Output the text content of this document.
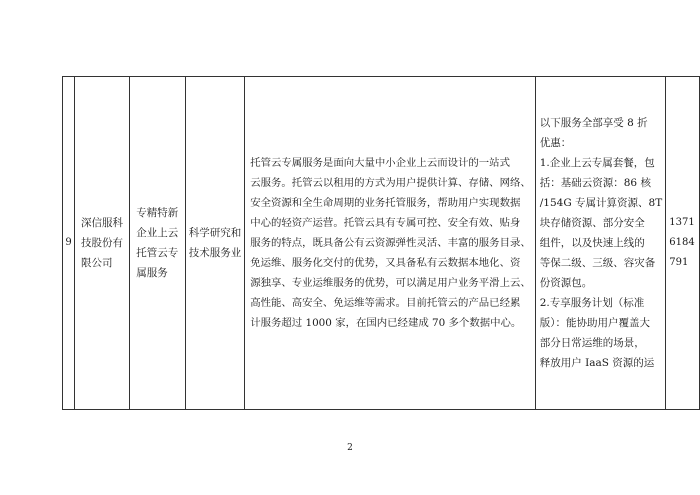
9	
深信服科
技股份有
限公司

专精特新
企业上云
托管云专
属服务

科学研究和
技术服务业

托管云专属服务是面向大量中小企业上云而设计的一站式
云服务。托管云以租用的方式为用户提供计算、存储、网络、
安全资源和全生命周期的业务托管服务，帮助用户实现数据
中心的轻资产运营。托管云具有专属可控、安全有效、贴身
服务的特点，既具备公有云资源弹性灵活、丰富的服务目录、
免运维、服务化交付的优势，又具备私有云数据本地化、资
源独享、专业运维服务的优势，可以满足用户业务平滑上云、
高性能、高安全、免运维等需求。目前托管云的产品已经累
计服务超过 1000 家，在国内已经建成 70 多个数据中心。

以下服务全部享受 8 折
优惠：
1.企业上云专属套餐，包
括：基础云资源：86 核
/154G 专属计算资源、8T
块存储资源、部分安全
组件，以及快速上线的
等保二级、三级、容灾备
份资源包。
2.专享服务计划（标准
版）：能协助用户覆盖大
部分日常运维的场景，
释放用户 IaaS 资源的运

13716184791
2
